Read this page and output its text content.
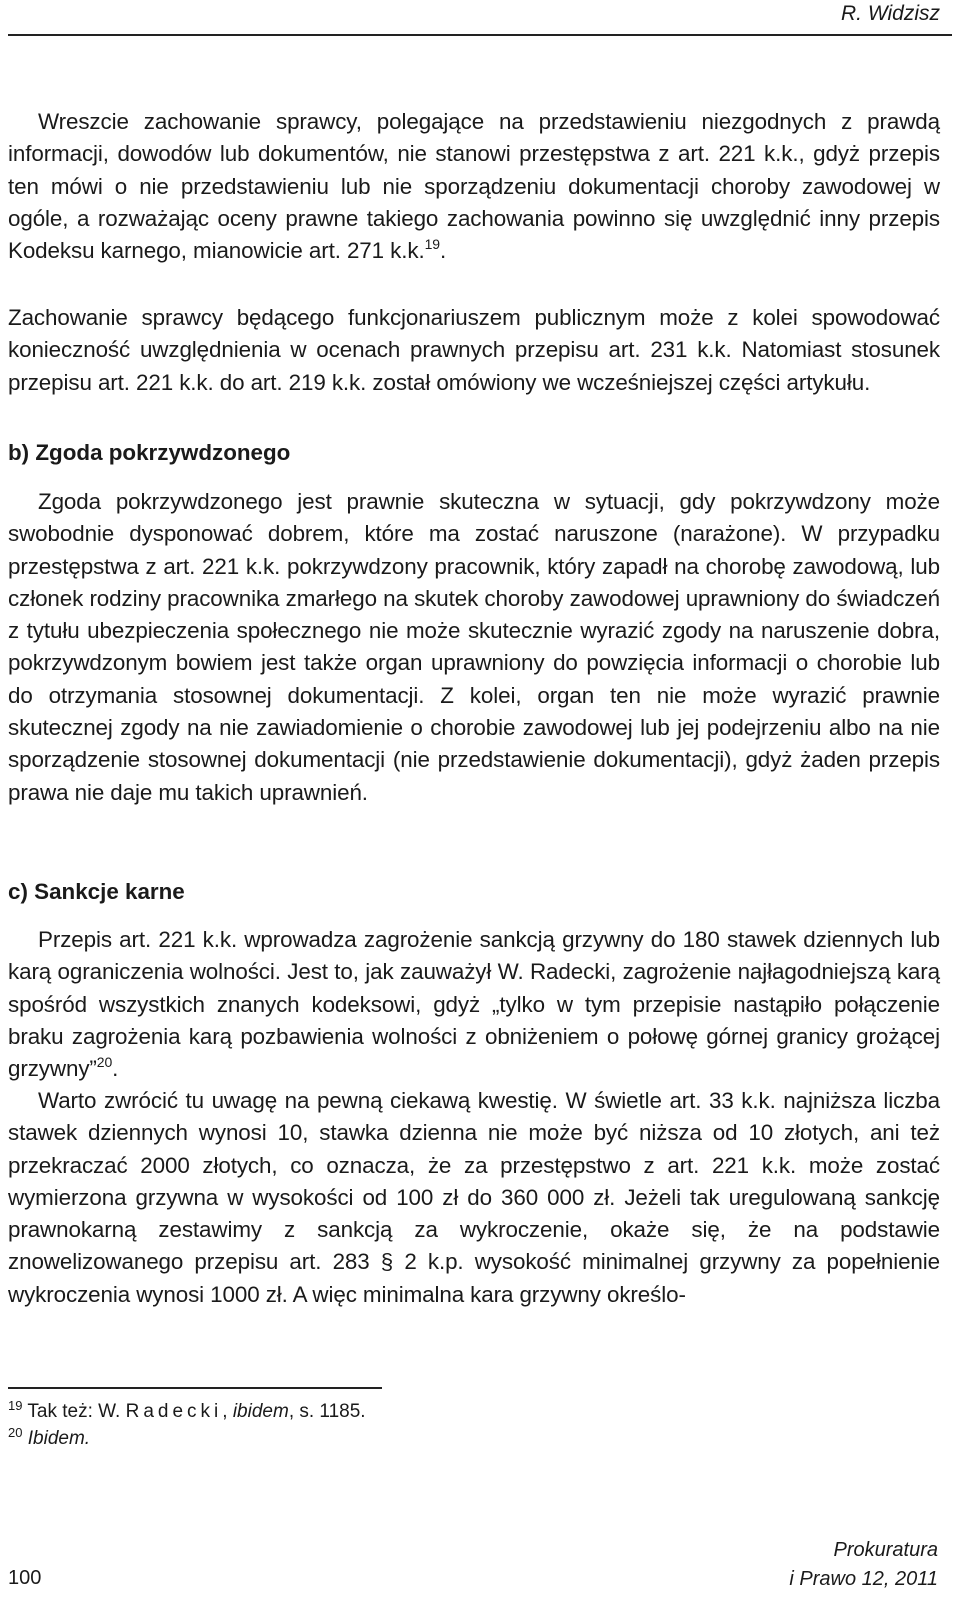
R. Widzisz

Wreszcie zachowanie sprawcy, polegające na przedstawieniu niezgodnych z prawdą informacji, dowodów lub dokumentów, nie stanowi przestępstwa z art. 221 k.k., gdyż przepis ten mówi o nie przedstawieniu lub nie sporządzeniu dokumentacji choroby zawodowej w ogóle, a rozważając oceny prawne takiego zachowania powinno się uwzględnić inny przepis Kodeksu karnego, mianowicie art. 271 k.k.$^{19}$.

Zachowanie sprawcy będącego funkcjonariuszem publicznym może z kolei spowodować konieczność uwzględnienia w ocenach prawnych przepisu art. 231 k.k. Natomiast stosunek przepisu art. 221 k.k. do art. 219 k.k. został omówiony we wcześniejszej części artykułu.

b) Zgoda pokrzywdzonego

Zgoda pokrzywdzonego jest prawnie skuteczna w sytuacji, gdy pokrzywdzony może swobodnie dysponować dobrem, które ma zostać naruszone (narażone). W przypadku przestępstwa z art. 221 k.k. pokrzywdzony pracownik, który zapadł na chorobę zawodową, lub członek rodziny pracownika zmarłego na skutek choroby zawodowej uprawniony do świadczeń z tytułu ubezpieczenia społecznego nie może skutecznie wyrazić zgody na naruszenie dobra, pokrzywdzonym bowiem jest także organ uprawniony do powzięcia informacji o chorobie lub do otrzymania stosownej dokumentacji. Z kolei, organ ten nie może wyrazić prawnie skutecznej zgody na nie zawiadomienie o chorobie zawodowej lub jej podejrzeniu albo na nie sporządzenie stosownej dokumentacji (nie przedstawienie dokumentacji), gdyż żaden przepis prawa nie daje mu takich uprawnień.

c) Sankcje karne

Przepis art. 221 k.k. wprowadza zagrożenie sankcją grzywny do 180 stawek dziennych lub karą ograniczenia wolności. Jest to, jak zauważył W. Radecki, zagrożenie najłagodniejszą karą spośród wszystkich znanych kodeksowi, gdyż „tylko w tym przepisie nastąpiło połączenie braku zagrożenia karą pozbawienia wolności z obniżeniem o połowę górnej granicy grożącej grzywny”$^{20}$.

Warto zwrócić tu uwagę na pewną ciekawą kwestię. W świetle art. 33 k.k. najniższa liczba stawek dziennych wynosi 10, stawka dzienna nie może być niższa od 10 złotych, ani też przekraczać 2000 złotych, co oznacza, że za przestępstwo z art. 221 k.k. może zostać wymierzona grzywna w wysokości od 100 zł do 360 000 zł. Jeżeli tak uregulowaną sankcję prawnokarną zestawimy z sankcją za wykroczenie, okaże się, że na podstawie znowelizowanego przepisu art. 283 § 2 k.p. wysokość minimalnej grzywny za popełnienie wykroczenia wynosi 1000 zł. A więc minimalna kara grzywny określo-

$^{19}$ Tak też: W. Radecki, ibidem, s. 1185.
$^{20}$ Ibidem.
100
Prokuratura
i Prawo 12, 2011
